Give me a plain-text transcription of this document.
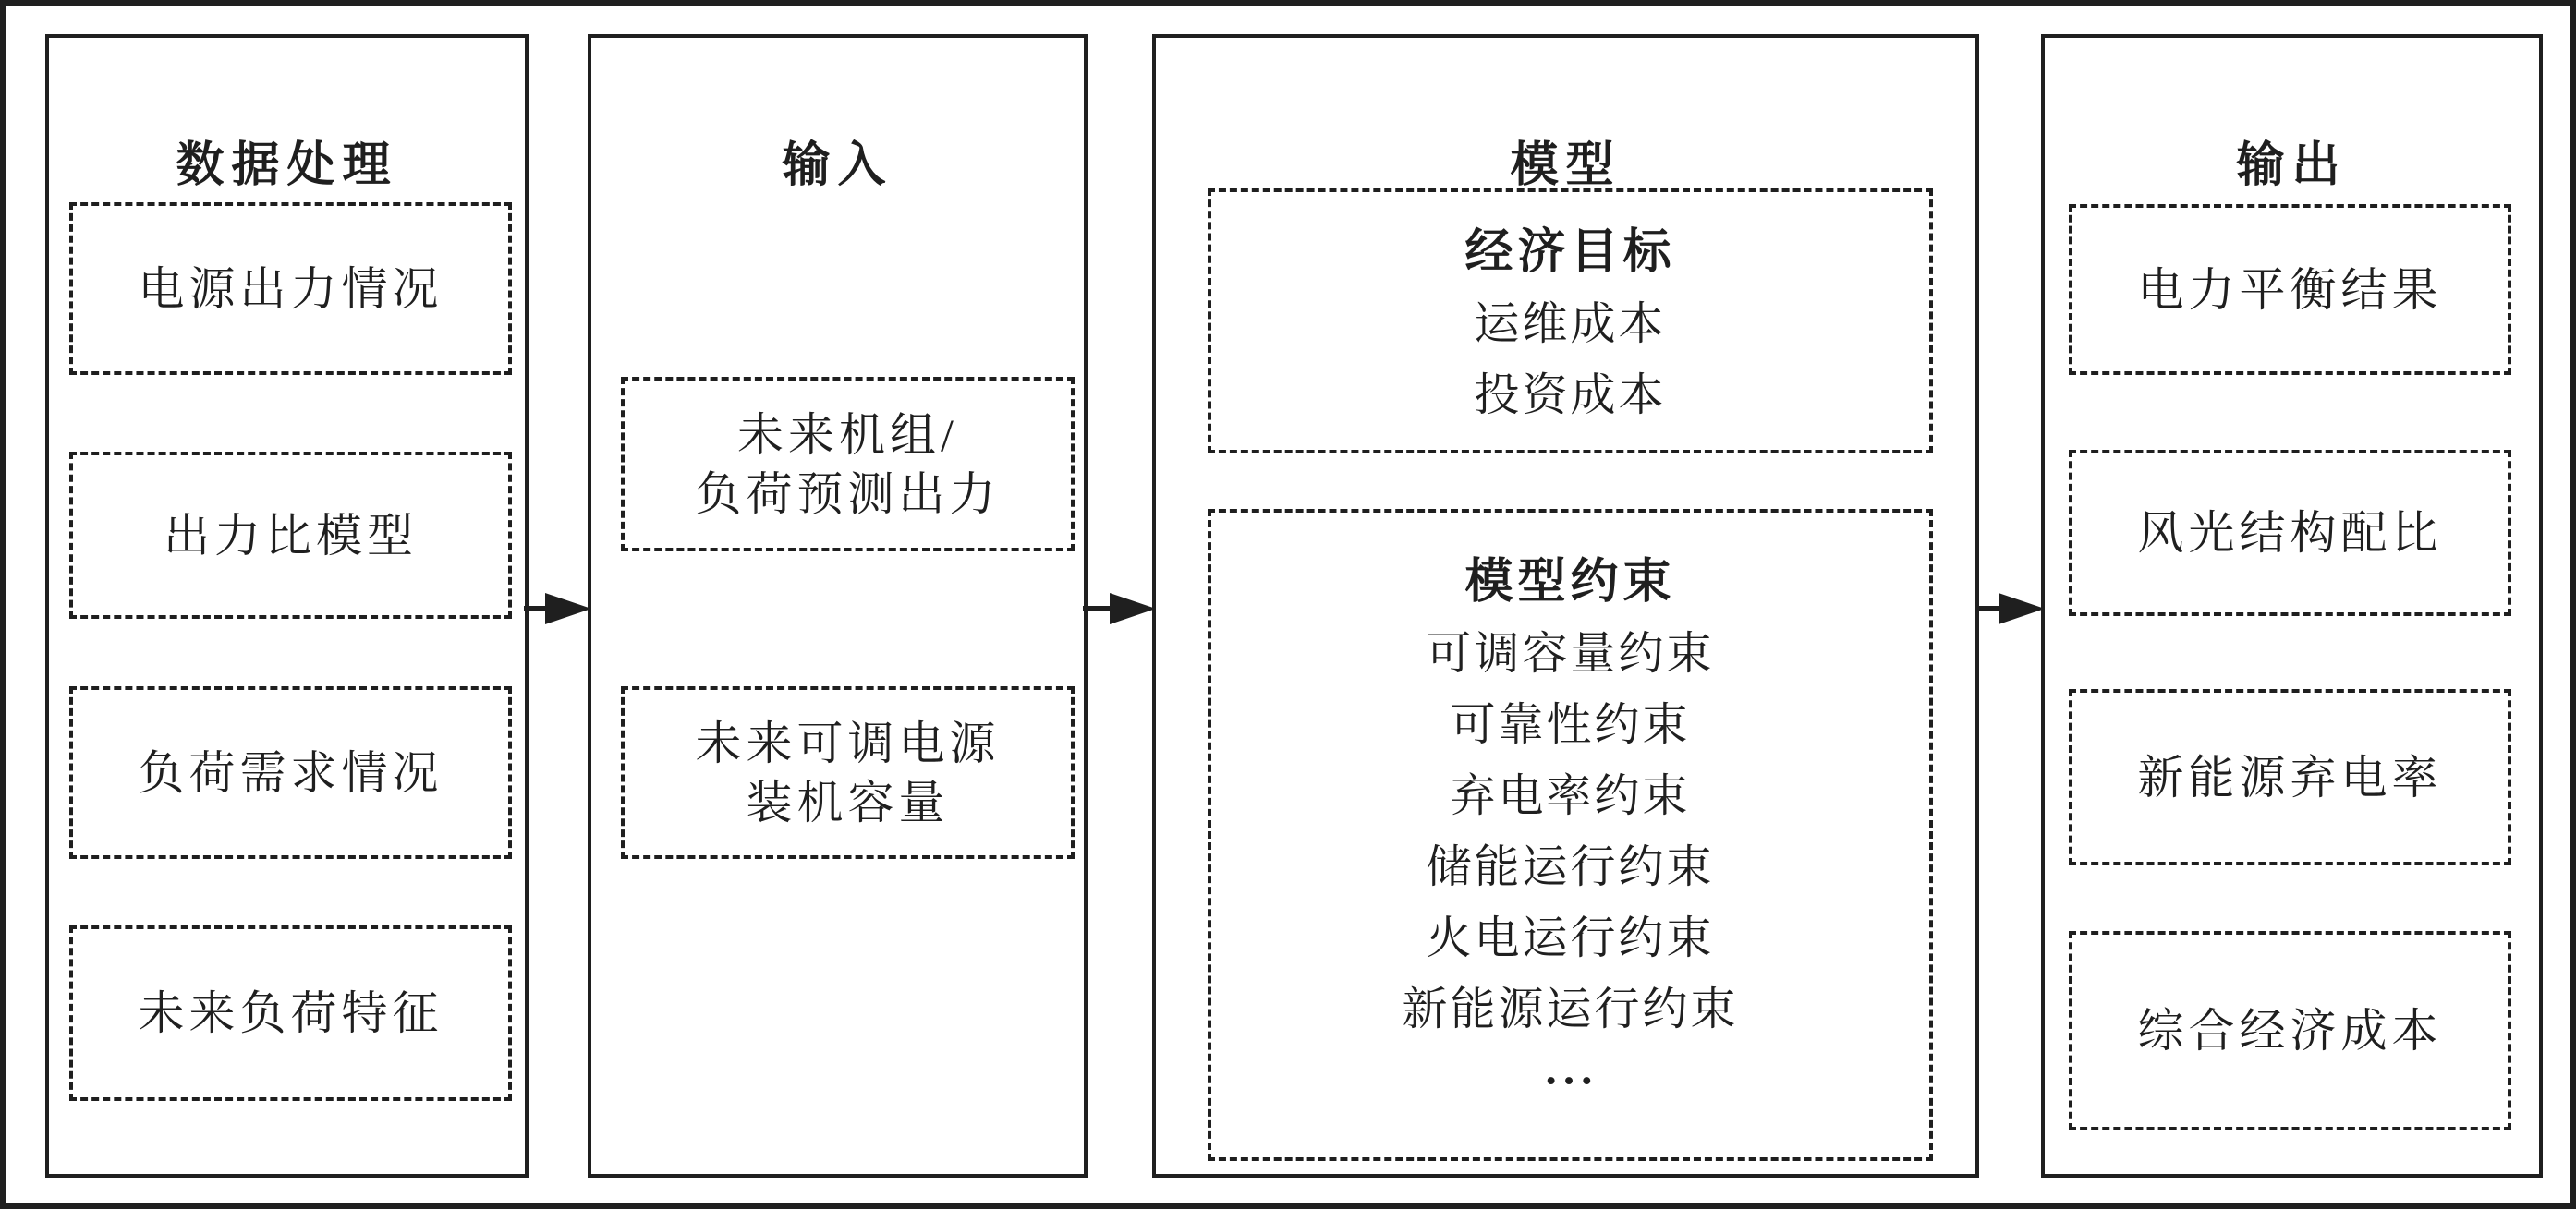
数据处理
电源出力情况
出力比模型
负荷需求情况
未来负荷特征
输入
未来机组/
负荷预测出力
未来可调电源
装机容量
模型
经济目标
运维成本
投资成本
模型约束
可调容量约束
可靠性约束
弃电率约束
储能运行约束
火电运行约束
新能源运行约束
···
输出
电力平衡结果
风光结构配比
新能源弃电率
综合经济成本
